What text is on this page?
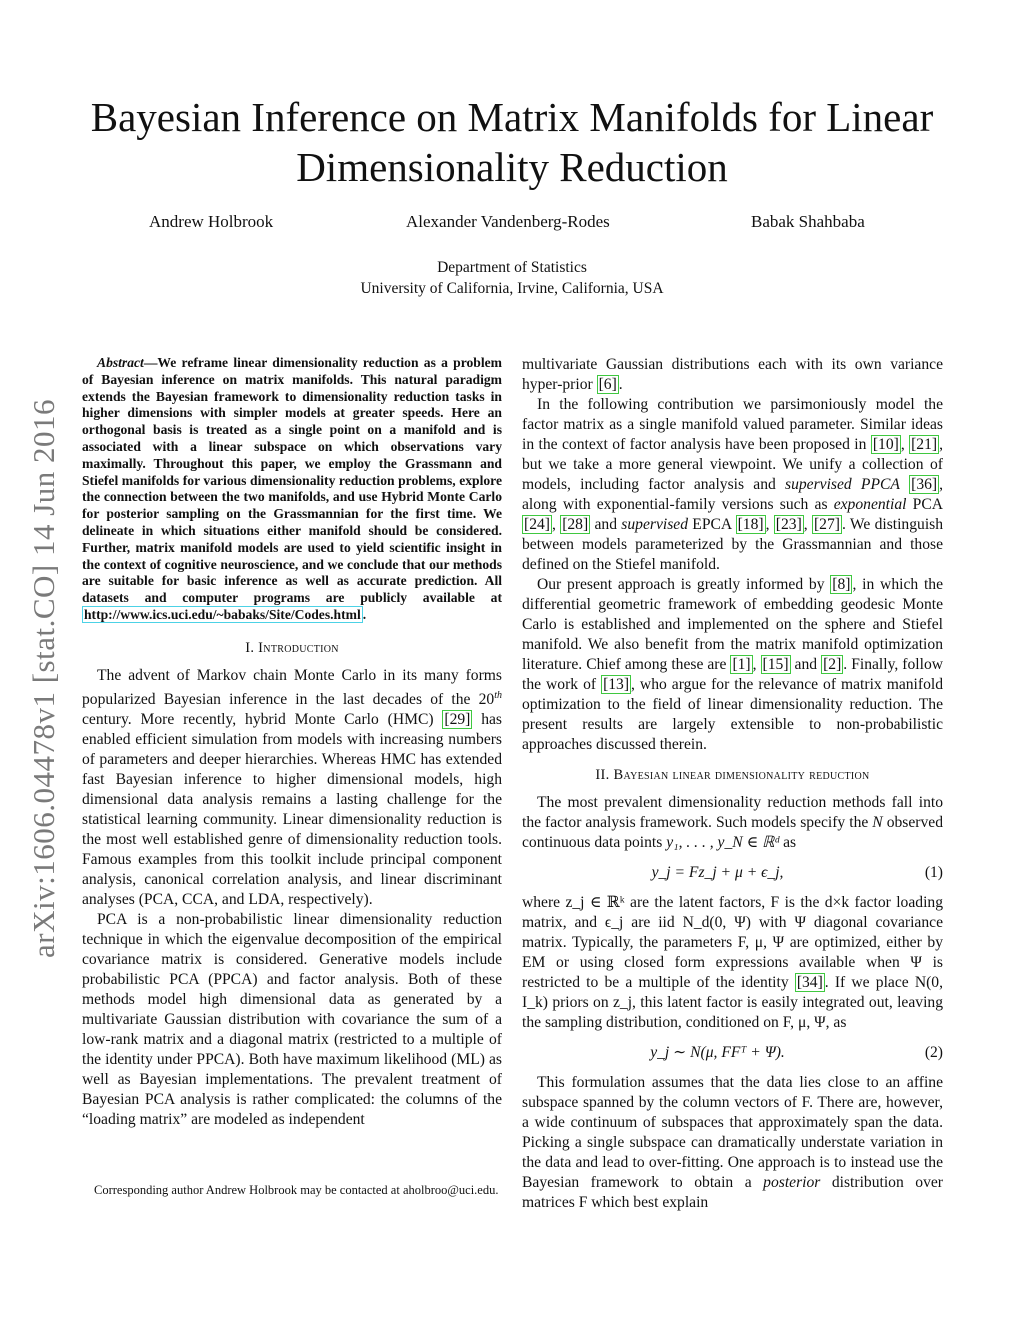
arXiv:1606.04478v1 [stat.CO] 14 Jun 2016
Bayesian Inference on Matrix Manifolds for Linear Dimensionality Reduction
Andrew Holbrook	Alexander Vandenberg-Rodes	Babak Shahbaba
Department of Statistics
University of California, Irvine, California, USA

Abstract—We reframe linear dimensionality reduction as a problem of Bayesian inference on matrix manifolds. This natural paradigm extends the Bayesian framework to dimensionality reduction tasks in higher dimensions with simpler models at greater speeds. Here an orthogonal basis is treated as a single point on a manifold and is associated with a linear subspace on which observations vary maximally. Throughout this paper, we employ the Grassmann and Stiefel manifolds for various dimensionality reduction problems, explore the connection between the two manifolds, and use Hybrid Monte Carlo for posterior sampling on the Grassmannian for the first time. We delineate in which situations either manifold should be considered. Further, matrix manifold models are used to yield scientific insight in the context of cognitive neuroscience, and we conclude that our methods are suitable for basic inference as well as accurate prediction. All datasets and computer programs are publicly available at http://www.ics.uci.edu/~babaks/Site/Codes.html .

I. Introduction

The advent of Markov chain Monte Carlo in its many forms popularized Bayesian inference in the last decades of the 20th century. More recently, hybrid Monte Carlo (HMC) [29] has enabled efficient simulation from models with increasing numbers of parameters and deeper hierarchies. Whereas HMC has extended fast Bayesian inference to higher dimensional models, high dimensional data analysis remains a lasting challenge for the statistical learning community. Linear dimensionality reduction is the most well established genre of dimensionality reduction tools. Famous examples from this toolkit include principal component analysis, canonical correlation analysis, and linear discriminant analyses (PCA, CCA, and LDA, respectively).

PCA is a non-probabilistic linear dimensionality reduction technique in which the eigenvalue decomposition of the empirical covariance matrix is considered. Generative models include probabilistic PCA (PPCA) and factor analysis. Both of these methods model high dimensional data as generated by a multivariate Gaussian distribution with covariance the sum of a low-rank matrix and a diagonal matrix (restricted to a multiple of the identity under PPCA). Both have maximum likelihood (ML) as well as Bayesian implementations. The prevalent treatment of Bayesian PCA analysis is rather complicated: the columns of the “loading matrix” are modeled as independent

Corresponding author Andrew Holbrook may be contacted at aholbroo@uci.edu.

multivariate Gaussian distributions each with its own variance hyper-prior [6] .

In the following contribution we parsimoniously model the factor matrix as a single manifold valued parameter. Similar ideas in the context of factor analysis have been proposed in [10] , [21] , but we take a more general viewpoint. We unify a collection of models, including factor analysis and supervised PPCA [36] , along with exponential-family versions such as exponential PCA [24] , [28] and supervised EPCA [18] , [23] , [27] . We distinguish between models parameterized by the Grassmannian and those defined on the Stiefel manifold.

Our present approach is greatly informed by [8] , in which the differential geometric framework of embedding geodesic Monte Carlo is established and implemented on the sphere and Stiefel manifold. We also benefit from the matrix manifold optimization literature. Chief among these are [1] , [15] and [2] . Finally, follow the work of [13] , who argue for the relevance of matrix manifold optimization to the field of linear dimensionality reduction. The present results are largely extensible to non-probabilistic approaches discussed therein.

II. Bayesian linear dimensionality reduction

The most prevalent dimensionality reduction methods fall into the factor analysis framework. Such models specify the N observed continuous data points y₁, . . . , y_N ∈ ℝᵈ as

y_j = Fz_j + μ + ϵ_j,	(1)

where z_j ∈ ℝᵏ are the latent factors, F is the d×k factor loading matrix, and ϵ_j are iid N_d(0, Ψ) with Ψ diagonal covariance matrix. Typically, the parameters F, μ, Ψ are optimized, either by EM or using closed form expressions available when Ψ is restricted to be a multiple of the identity [34] . If we place N(0, I_k) priors on z_j, this latent factor is easily integrated out, leaving the sampling distribution, conditioned on F, μ, Ψ, as

y_j ∼ N(μ, FFᵀ + Ψ).	(2)

This formulation assumes that the data lies close to an affine subspace spanned by the column vectors of F. There are, however, a wide continuum of subspaces that approximately span the data. Picking a single subspace can dramatically understate variation in the data and lead to over-fitting. One approach is to instead use the Bayesian framework to obtain a posterior distribution over matrices F which best explain
